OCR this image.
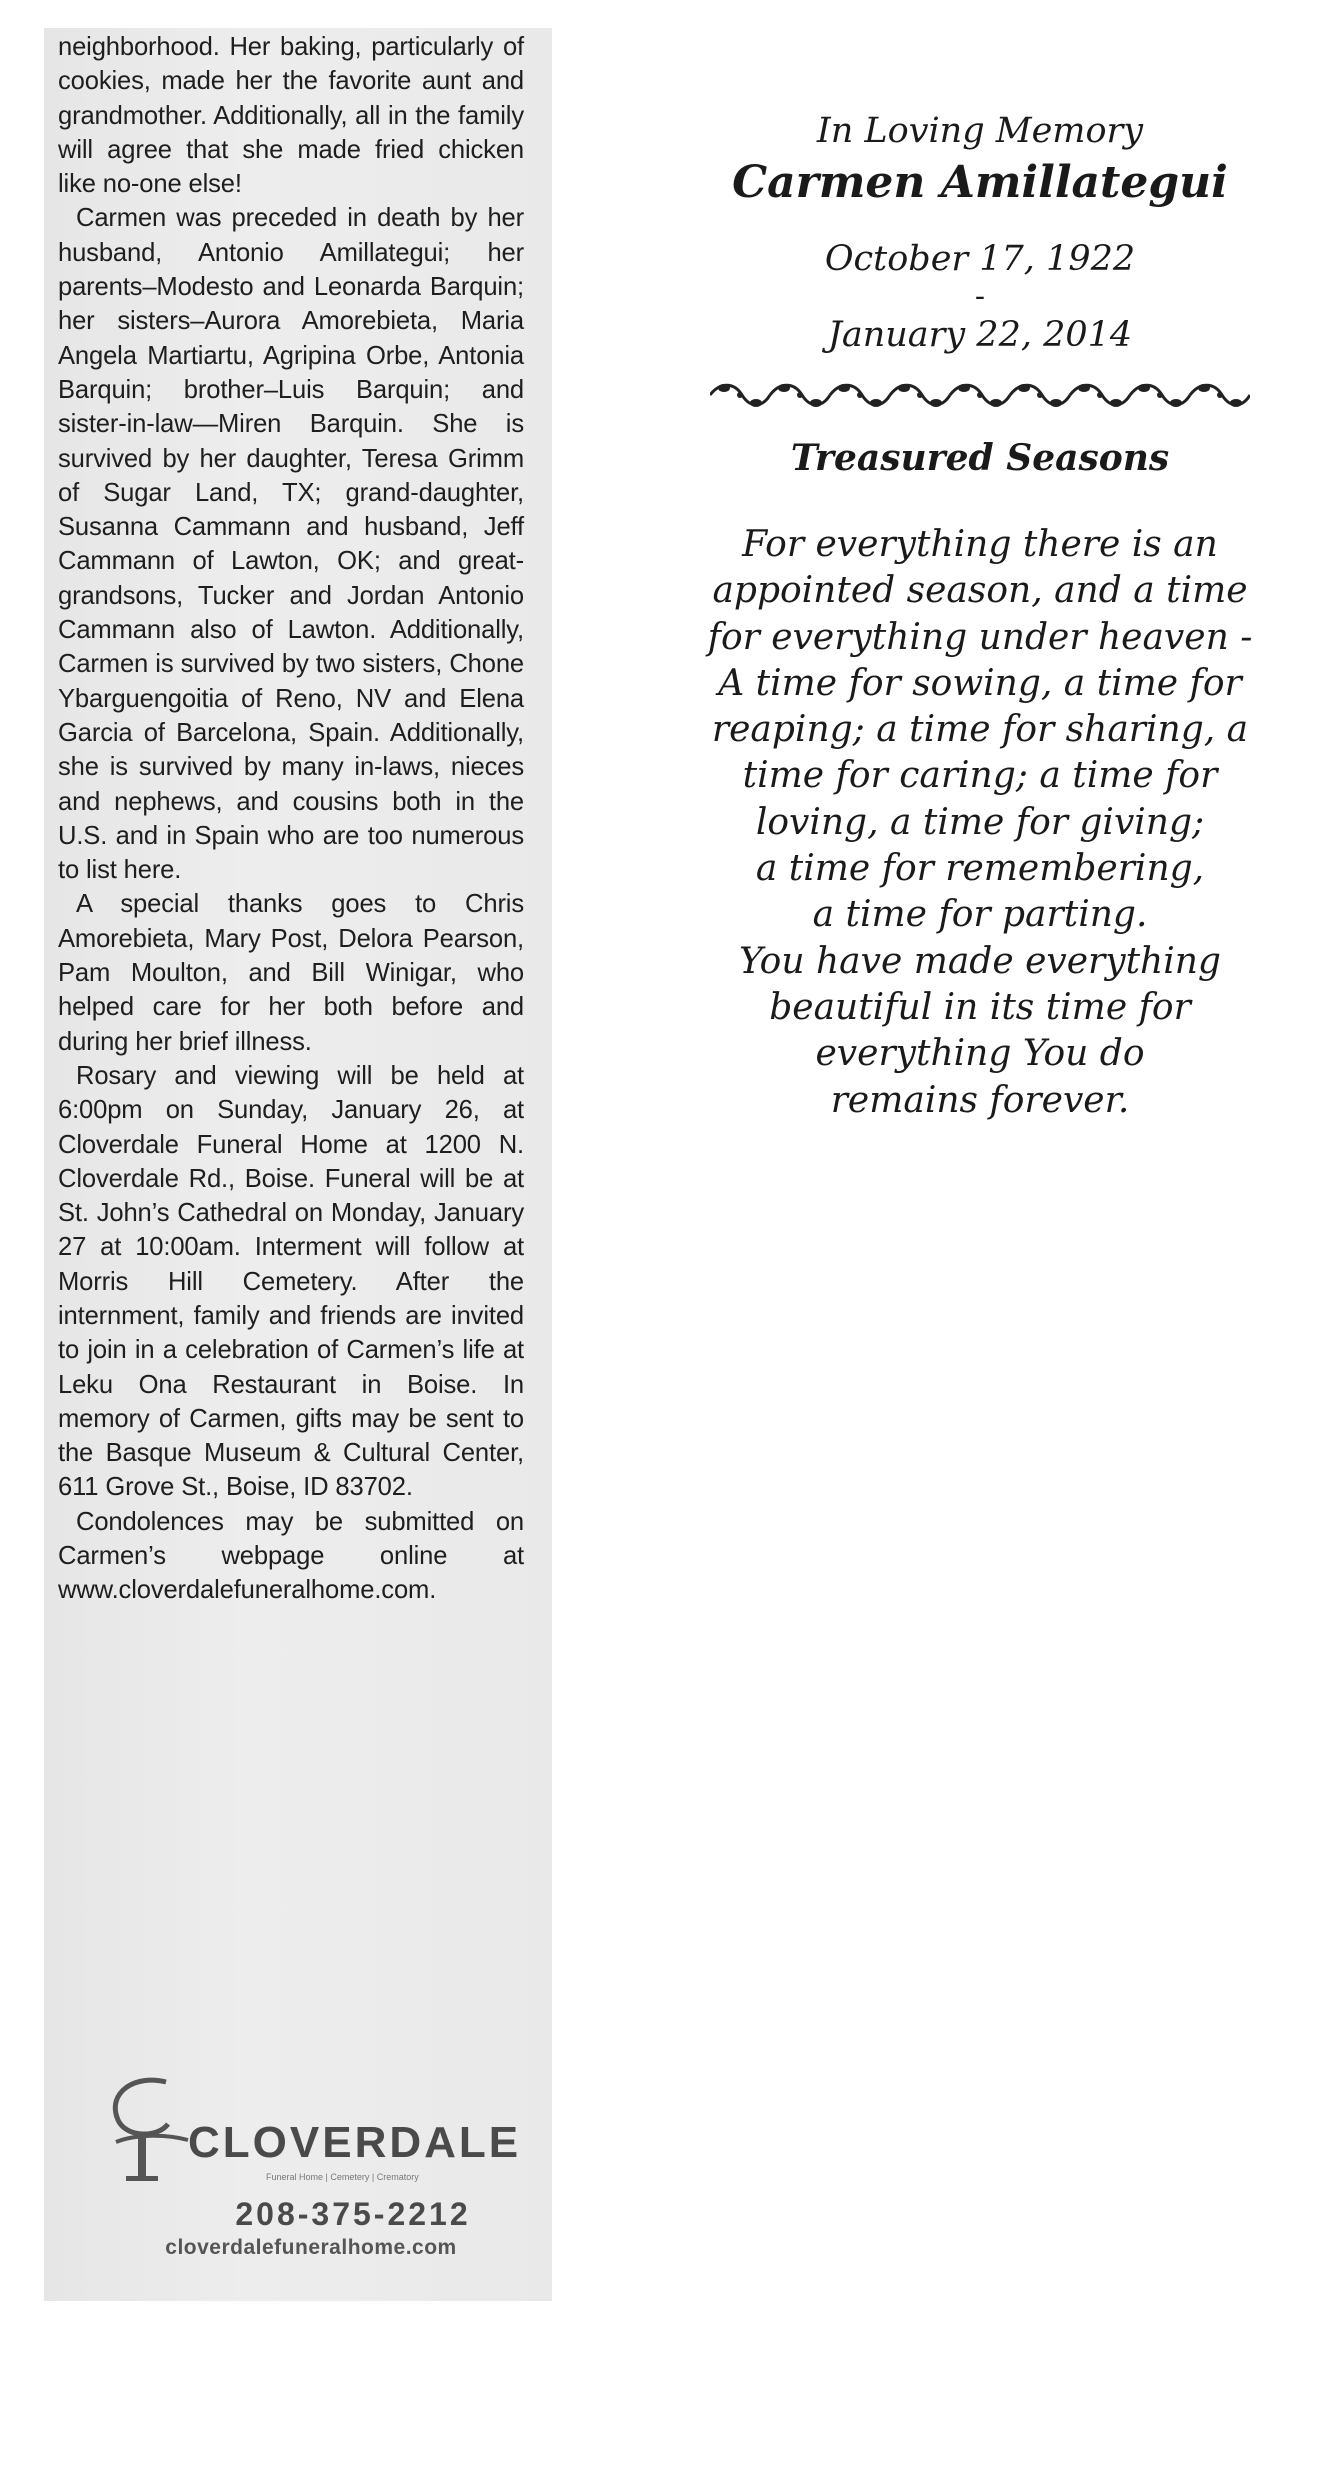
neighborhood. Her baking, particularly of cookies, made her the favorite aunt and grandmother. Additionally, all in the family will agree that she made fried chicken like no-one else!

Carmen was preceded in death by her husband, Antonio Amillategui; her parents–Modesto and Leonarda Barquin; her sisters–Aurora Amorebieta, Maria Angela Martiartu, Agripina Orbe, Antonia Barquin; brother–Luis Barquin; and sister-in-law—Miren Barquin. She is survived by her daughter, Teresa Grimm of Sugar Land, TX; grand-daughter, Susanna Cammann and husband, Jeff Cammann of Lawton, OK; and great-grandsons, Tucker and Jordan Antonio Cammann also of Lawton. Additionally, Carmen is survived by two sisters, Chone Ybarguengoitia of Reno, NV and Elena Garcia of Barcelona, Spain. Additionally, she is survived by many in-laws, nieces and nephews, and cousins both in the U.S. and in Spain who are too numerous to list here.

A special thanks goes to Chris Amorebieta, Mary Post, Delora Pearson, Pam Moulton, and Bill Winigar, who helped care for her both before and during her brief illness.

Rosary and viewing will be held at 6:00pm on Sunday, January 26, at Cloverdale Funeral Home at 1200 N. Cloverdale Rd., Boise. Funeral will be at St. John’s Cathedral on Monday, January 27 at 10:00am. Interment will follow at Morris Hill Cemetery. After the internment, family and friends are invited to join in a celebration of Carmen’s life at Leku Ona Restaurant in Boise. In memory of Carmen, gifts may be sent to the Basque Museum & Cultural Center, 611 Grove St., Boise, ID 83702.

Condolences may be submitted on Carmen’s webpage online at www.cloverdalefuneralhome.com.

CLOVERDALE
Funeral Home | Cemetery | Crematory
208-375-2212
cloverdalefuneralhome.com
In Loving Memory
Carmen Amillategui
October 17, 1922
-
January 22, 2014
Treasured Seasons
For everything there is an
appointed season, and a time
for everything under heaven -
A time for sowing, a time for
reaping; a time for sharing, a
time for caring; a time for
loving, a time for giving;
a time for remembering,
a time for parting.
You have made everything
beautiful in its time for
everything You do
remains forever.
